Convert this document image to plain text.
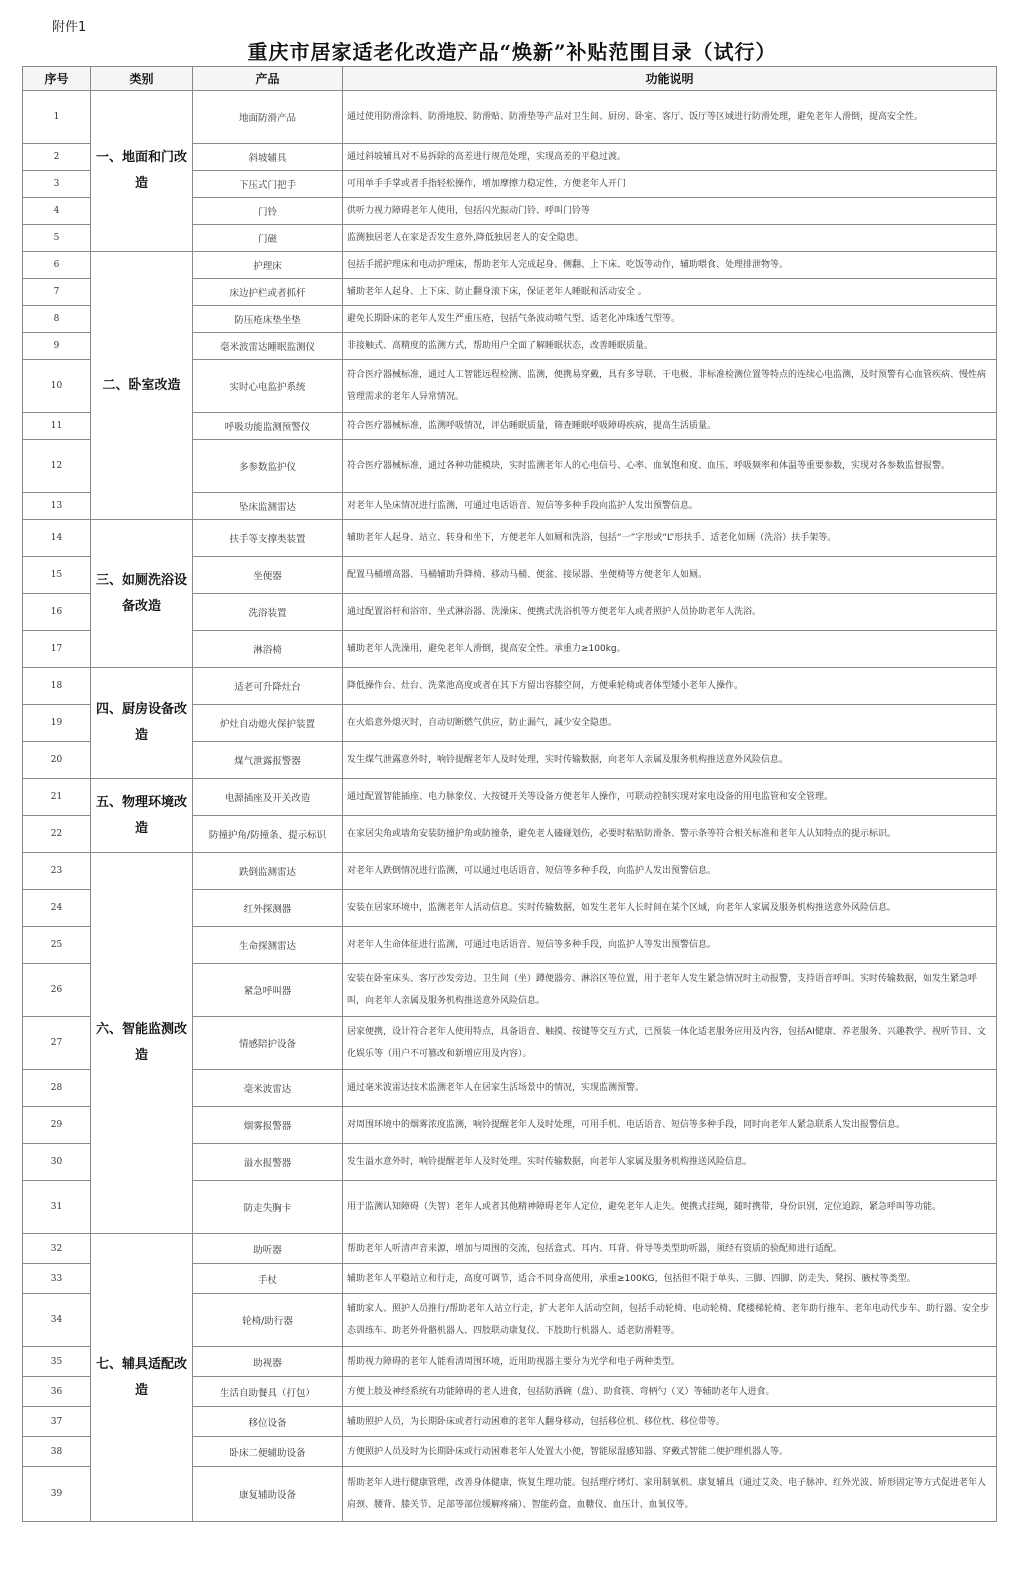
附件1
重庆市居家适老化改造产品“焕新”补贴范围目录（试行）
序号	类别	产品	功能说明
1	一、地面和门改造	地面防滑产品	通过使用防滑涂料、防滑地胶、防滑贴、防滑垫等产品对卫生间、厨房、卧室、客厅、饭厅等区域进行防滑处理，避免老年人滑倒，提高安全性。
2		斜坡辅具	通过斜坡辅具对不易拆除的高差进行规范处理，实现高差的平稳过渡。
3		下压式门把手	可用单手手掌或者手指轻松操作，增加摩擦力稳定性，方便老年人开门
4		门铃	供听力视力障碍老年人使用，包括闪光振动门铃、呼叫门铃等
5		门磁	监测独居老人在家是否发生意外,降低独居老人的安全隐患。
6	二、卧室改造	护理床	包括手摇护理床和电动护理床，帮助老年人完成起身、侧翻、上下床、吃饭等动作，辅助喂食、处理排泄物等。
7		床边护栏或者抓杆	辅助老年人起身、上下床、防止翻身滚下床，保证老年人睡眠和活动安全 。
8		防压疮床垫坐垫	避免长期卧床的老年人发生严重压疮，包括气条波动喷气型、适老化冲珠透气型等。
9		毫米波雷达睡眠监测仪	非接触式、高精度的监测方式，帮助用户全面了解睡眠状态，改善睡眠质量。
10		实时心电监护系统	符合医疗器械标准，通过人工智能远程检测、监测，便携易穿戴，具有多导联、干电极、非标准检测位置等特点的连续心电监测，及时预警有心血管疾病、慢性病管理需求的老年人异常情况。
11		呼吸功能监测预警仪	符合医疗器械标准，监测呼吸情况，评估睡眠质量，筛查睡眠呼吸障碍疾病，提高生活质量。
12		多参数监护仪	符合医疗器械标准，通过各种功能模块，实时监测老年人的心电信号、心率、血氧饱和度、血压、呼吸频率和体温等重要参数，实现对各参数监督报警。
13		坠床监测雷达	对老年人坠床情况进行监测，可通过电话语音、短信等多种手段向监护人发出预警信息。
14	三、如厕洗浴设备改造	扶手等支撑类装置	辅助老年人起身、站立、转身和坐下，方便老年人如厕和洗浴，包括“一”字形或“L”形扶手、适老化如厕（洗浴）扶手架等。
15		坐便器	配置马桶增高器、马桶辅助升降椅、移动马桶、便盆、接尿器、坐便椅等方便老年人如厕。
16		洗浴装置	通过配置浴杆和浴帘、坐式淋浴器、洗澡床、便携式洗浴机等方便老年人或者照护人员协助老年人洗浴。
17		淋浴椅	辅助老年人洗澡用，避免老年人滑倒，提高安全性。承重力≥100kg。
18	四、厨房设备改造	适老可升降灶台	降低操作台、灶台、洗菜池高度或者在其下方留出容膝空间，方便乘轮椅或者体型矮小老年人操作。
19		炉灶自动熄火保护装置	在火焰意外熄灭时，自动切断燃气供应，防止漏气，减少安全隐患。
20		煤气泄露报警器	发生煤气泄露意外时，响铃提醒老年人及时处理，实时传输数据，向老年人亲属及服务机构推送意外风险信息。
21	五、物理环境改造	电源插座及开关改造	通过配置智能插座、电力脉象仪、大按键开关等设备方便老年人操作，可联动控制实现对家电设备的用电监管和安全管理。
22		防撞护角/防撞条、提示标识	在家居尖角或墙角安装防撞护角或防撞条，避免老人磕碰划伤，必要时粘贴防滑条、警示条等符合相关标准和老年人认知特点的提示标识。
23	六、智能监测改造	跌倒监测雷达	对老年人跌倒情况进行监测，可以通过电话语音、短信等多种手段，向监护人发出预警信息。
24		红外探测器	安装在居家环境中，监测老年人活动信息。实时传输数据，如发生老年人长时间在某个区域，向老年人家属及服务机构推送意外风险信息。
25		生命探测雷达	对老年人生命体征进行监测，可通过电话语音、短信等多种手段，向监护人等发出预警信息。
26		紧急呼叫器	安装在卧室床头、客厅沙发旁边、卫生间（坐）蹲便器旁、淋浴区等位置，用于老年人发生紧急情况时主动报警，支持语音呼叫。实时传输数据，如发生紧急呼叫，向老年人亲属及服务机构推送意外风险信息。
27		情感陪护设备	居家便携，设计符合老年人使用特点，具备语音、触摸、按键等交互方式，已预装一体化适老服务应用及内容，包括AI健康、养老服务、兴趣教学、视听节目、文化娱乐等（用户不可篡改和新增应用及内容）。
28		毫米波雷达	通过毫米波雷达技术监测老年人在居家生活场景中的情况，实现监测预警。
29		烟雾报警器	对周围环境中的烟雾浓度监测，响铃提醒老年人及时处理，可用手机、电话语音、短信等多种手段，同时向老年人紧急联系人发出报警信息。
30		溢水报警器	发生溢水意外时，响铃提醒老年人及时处理。实时传输数据，向老年人家属及服务机构推送风险信息。
31		防走失胸卡	用于监测认知障碍（失智）老年人或者其他精神障碍老年人定位，避免老年人走失。便携式挂绳，随时携带，身份识别，定位追踪，紧急呼叫等功能。
32	七、辅具适配改造	助听器	帮助老年人听清声音来源，增加与周围的交流，包括盒式、耳内、耳背、骨导等类型助听器，须经有资质的验配师进行适配。
33		手杖	辅助老年人平稳站立和行走，高度可调节，适合不同身高使用，承重≥100KG，包括但不限于单头、三脚、四脚、防走失、凳拐、腋杖等类型。
34		轮椅/助行器	辅助家人、照护人员推行/帮助老年人站立行走，扩大老年人活动空间，包括手动轮椅、电动轮椅、爬楼梯轮椅、老年助行推车、老年电动代步车、助行器、安全步态训练车、助老外骨骼机器人、四肢联动康复仪、下肢助行机器人、适老防滑鞋等。
35		助视器	帮助视力障碍的老年人能看清周围环境，近用助视器主要分为光学和电子两种类型。
36		生活自助餐具（打包）	方便上肢及神经系统有功能障碍的老人进食，包括防洒碗（盘）、助食筷、弯柄勺（叉）等辅助老年人进食。
37		移位设备	辅助照护人员，为长期卧床或者行动困难的老年人翻身移动，包括移位机、移位枕、移位带等。
38		卧床二便辅助设备	方便照护人员及时为长期卧床或行动困难老年人处置大小便，智能尿湿感知器、穿戴式智能二便护理机器人等。
39		康复辅助设备	帮助老年人进行健康管理，改善身体健康，恢复生理功能。包括理疗烤灯、家用制氧机、康复辅具（通过艾灸、电子脉冲、红外光波、矫形固定等方式促进老年人肩颈、腰背、膝关节、足部等部位缓解疼痛）、智能药盒、血糖仪、血压计、血氧仪等。
